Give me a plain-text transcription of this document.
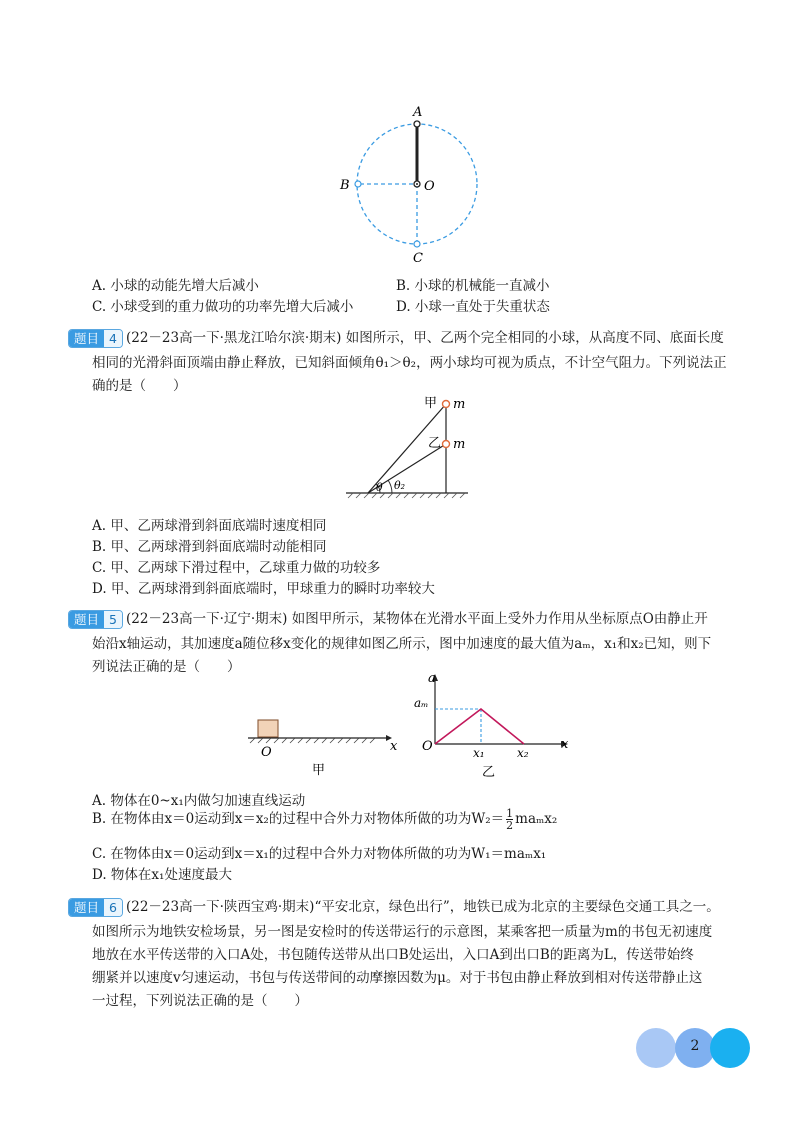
A
B	O
C
A. 小球的动能先增大后减小	B. 小球的机械能一直减小
C. 小球受到的重力做功的功率先增大后减小	D. 小球一直处于失重状态
题目 4 (22－23高一下·黑龙江哈尔滨·期末) 如图所示，甲、乙两个完全相同的小球，从高度不同、底面长度
相同的光滑斜面顶端由静止释放，已知斜面倾角θ₁＞θ₂，两小球均可视为质点，不计空气阻力。下列说法正
确的是（　　）
甲
乙
m
m
θ θ₂
A. 甲、乙两球滑到斜面底端时速度相同
B. 甲、乙两球滑到斜面底端时动能相同
C. 甲、乙两球下滑过程中，乙球重力做的功较多
D. 甲、乙两球滑到斜面底端时，甲球重力的瞬时功率较大
题目 5 (22－23高一下·辽宁·期末) 如图甲所示，某物体在光滑水平面上受外力作用从坐标原点O由静止开
始沿x轴运动，其加速度a随位移x变化的规律如图乙所示，图中加速度的最大值为aₘ，x₁和x₂已知，则下
列说法正确的是（　　）
O	x
甲
a
aₘ
O	x₁	x₂
x
乙
A. 物体在0~x₁内做匀加速直线运动
B. 在物体由x＝0运动到x＝x₂的过程中合外力对物体所做的功为$W_2= \frac{1}{2} ma_mx_2$
C. 在物体由x＝0运动到x＝x₁的过程中合外力对物体所做的功为W₁＝maₘx₁
D. 物体在x₁处速度最大
题目 6 (22－23高一下·陕西宝鸡·期末)“平安北京，绿色出行”，地铁已成为北京的主要绿色交通工具之一。
如图所示为地铁安检场景，另一图是安检时的传送带运行的示意图，某乘客把一质量为m的书包无初速度
地放在水平传送带的入口A处，书包随传送带从出口B处运出，入口A到出口B的距离为L，传送带始终
绷紧并以速度v匀速运动，书包与传送带间的动摩擦因数为μ。对于书包由静止释放到相对传送带静止这
一过程，下列说法正确的是（　　）
2
